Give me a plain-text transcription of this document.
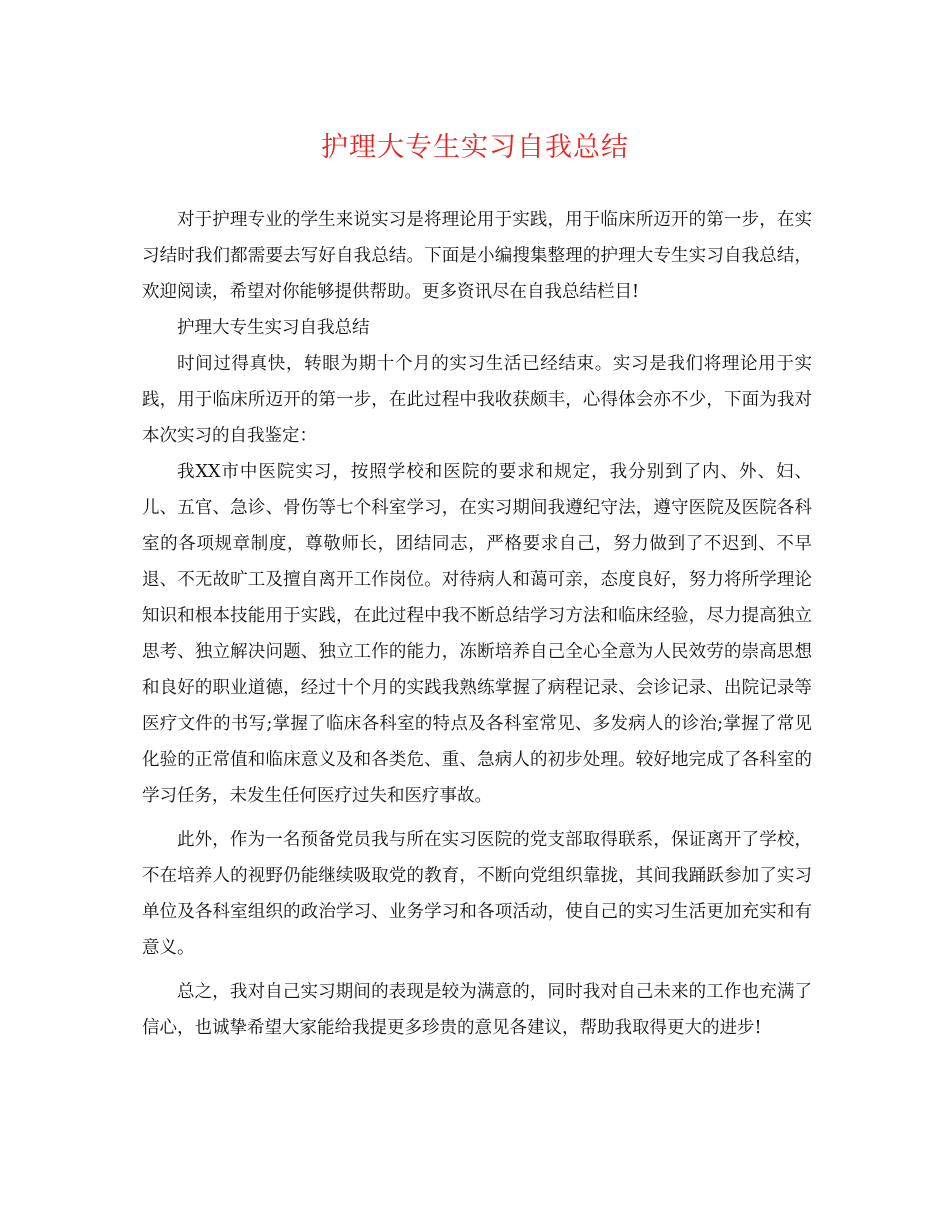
护理大专生实习自我总结

对于护理专业的学生来说实习是将理论用于实践，用于临床所迈开的第一步，在实习结时我们都需要去写好自我总结。下面是小编搜集整理的护理大专生实习自我总结，欢迎阅读，希望对你能够提供帮助。更多资讯尽在自我总结栏目!

护理大专生实习自我总结

时间过得真快，转眼为期十个月的实习生活已经结束。实习是我们将理论用于实践，用于临床所迈开的第一步，在此过程中我收获颇丰，心得体会亦不少，下面为我对本次实习的自我鉴定：

我XX市中医院实习，按照学校和医院的要求和规定，我分别到了内、外、妇、儿、五官、急诊、骨伤等七个科室学习，在实习期间我遵纪守法，遵守医院及医院各科室的各项规章制度，尊敬师长，团结同志，严格要求自己，努力做到了不迟到、不早退、不无故旷工及擅自离开工作岗位。对待病人和蔼可亲，态度良好，努力将所学理论知识和根本技能用于实践，在此过程中我不断总结学习方法和临床经验，尽力提高独立思考、独立解决问题、独立工作的能力，冻断培养自己全心全意为人民效劳的崇高思想和良好的职业道德，经过十个月的实践我熟练掌握了病程记录、会诊记录、出院记录等医疗文件的书写;掌握了临床各科室的特点及各科室常见、多发病人的诊治;掌握了常见化验的正常值和临床意义及和各类危、重、急病人的初步处理。较好地完成了各科室的学习任务，未发生任何医疗过失和医疗事故。

此外，作为一名预备党员我与所在实习医院的党支部取得联系，保证离开了学校，不在培养人的视野仍能继续吸取党的教育，不断向党组织靠拢，其间我踊跃参加了实习单位及各科室组织的政治学习、业务学习和各项活动，使自己的实习生活更加充实和有意义。

总之，我对自己实习期间的表现是较为满意的，同时我对自己未来的工作也充满了信心，也诚挚希望大家能给我提更多珍贵的意见各建议，帮助我取得更大的进步!
